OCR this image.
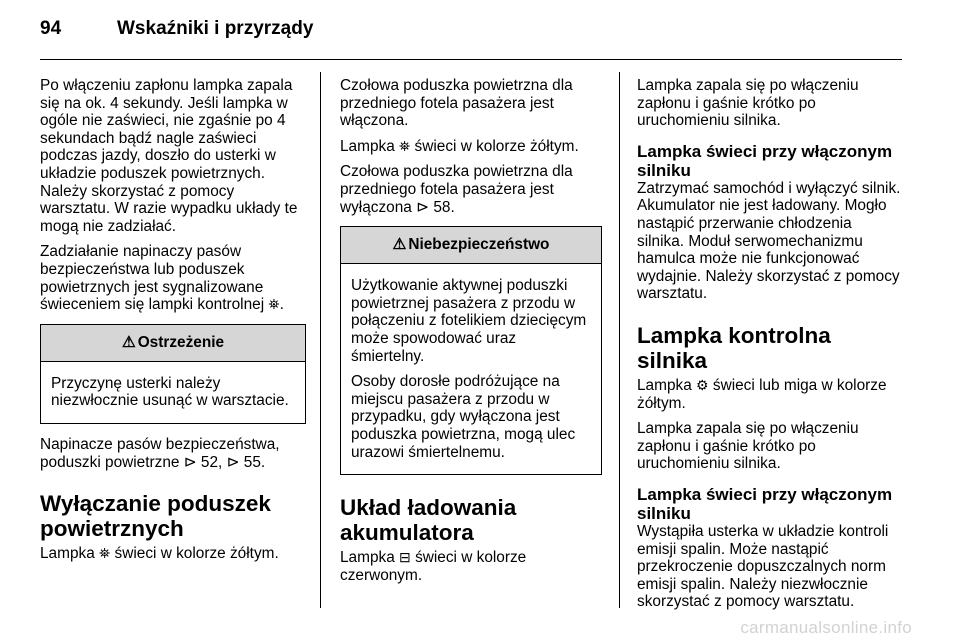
94	Wskaźniki i przyrządy

Po włączeniu zapłonu lampka zapala się na ok. 4 sekundy. Jeśli lampka w ogóle nie zaświeci, nie zgaśnie po 4 sekundach bądź nagle zaświeci podczas jazdy, doszło do usterki w układzie poduszek powietrznych. Należy skorzystać z pomocy warsztatu. W razie wypadku układy te mogą nie zadziałać.

Zadziałanie napinaczy pasów bezpieczeństwa lub poduszek powietrznych jest sygnalizowane świeceniem się lampki kontrolnej ⛯.

⚠ Ostrzeżenie

Przyczynę usterki należy niezwłocznie usunąć w warsztacie.

Napinacze pasów bezpieczeństwa, poduszki powietrzne ⊳ 52, ⊳ 55.

Wyłączanie poduszek powietrznych

Lampka ⛯ świeci w kolorze żółtym.

Czołowa poduszka powietrzna dla przedniego fotela pasażera jest włączona.

Lampka ⛯ świeci w kolorze żółtym.

Czołowa poduszka powietrzna dla przedniego fotela pasażera jest wyłączona ⊳ 58.

⚠ Niebezpieczeństwo

Użytkowanie aktywnej poduszki powietrznej pasażera z przodu w połączeniu z fotelikiem dziecięcym może spowodować uraz śmiertelny.

Osoby dorosłe podróżujące na miejscu pasażera z przodu w przypadku, gdy wyłączona jest poduszka powietrzna, mogą ulec urazowi śmiertelnemu.

Układ ładowania akumulatora

Lampka ⊟ świeci w kolorze czerwonym.

Lampka zapala się po włączeniu zapłonu i gaśnie krótko po uruchomieniu silnika.

Lampka świeci przy włączonym silniku

Zatrzymać samochód i wyłączyć silnik. Akumulator nie jest ładowany. Mogło nastąpić przerwanie chłodzenia silnika. Moduł serwomechanizmu hamulca może nie funkcjonować wydajnie. Należy skorzystać z pomocy warsztatu.

Lampka kontrolna silnika

Lampka ⚙ świeci lub miga w kolorze żółtym.

Lampka zapala się po włączeniu zapłonu i gaśnie krótko po uruchomieniu silnika.

Lampka świeci przy włączonym silniku

Wystąpiła usterka w układzie kontroli emisji spalin. Może nastąpić przekroczenie dopuszczalnych norm emisji spalin. Należy niezwłocznie skorzystać z pomocy warsztatu.

carmanualsonline.info
